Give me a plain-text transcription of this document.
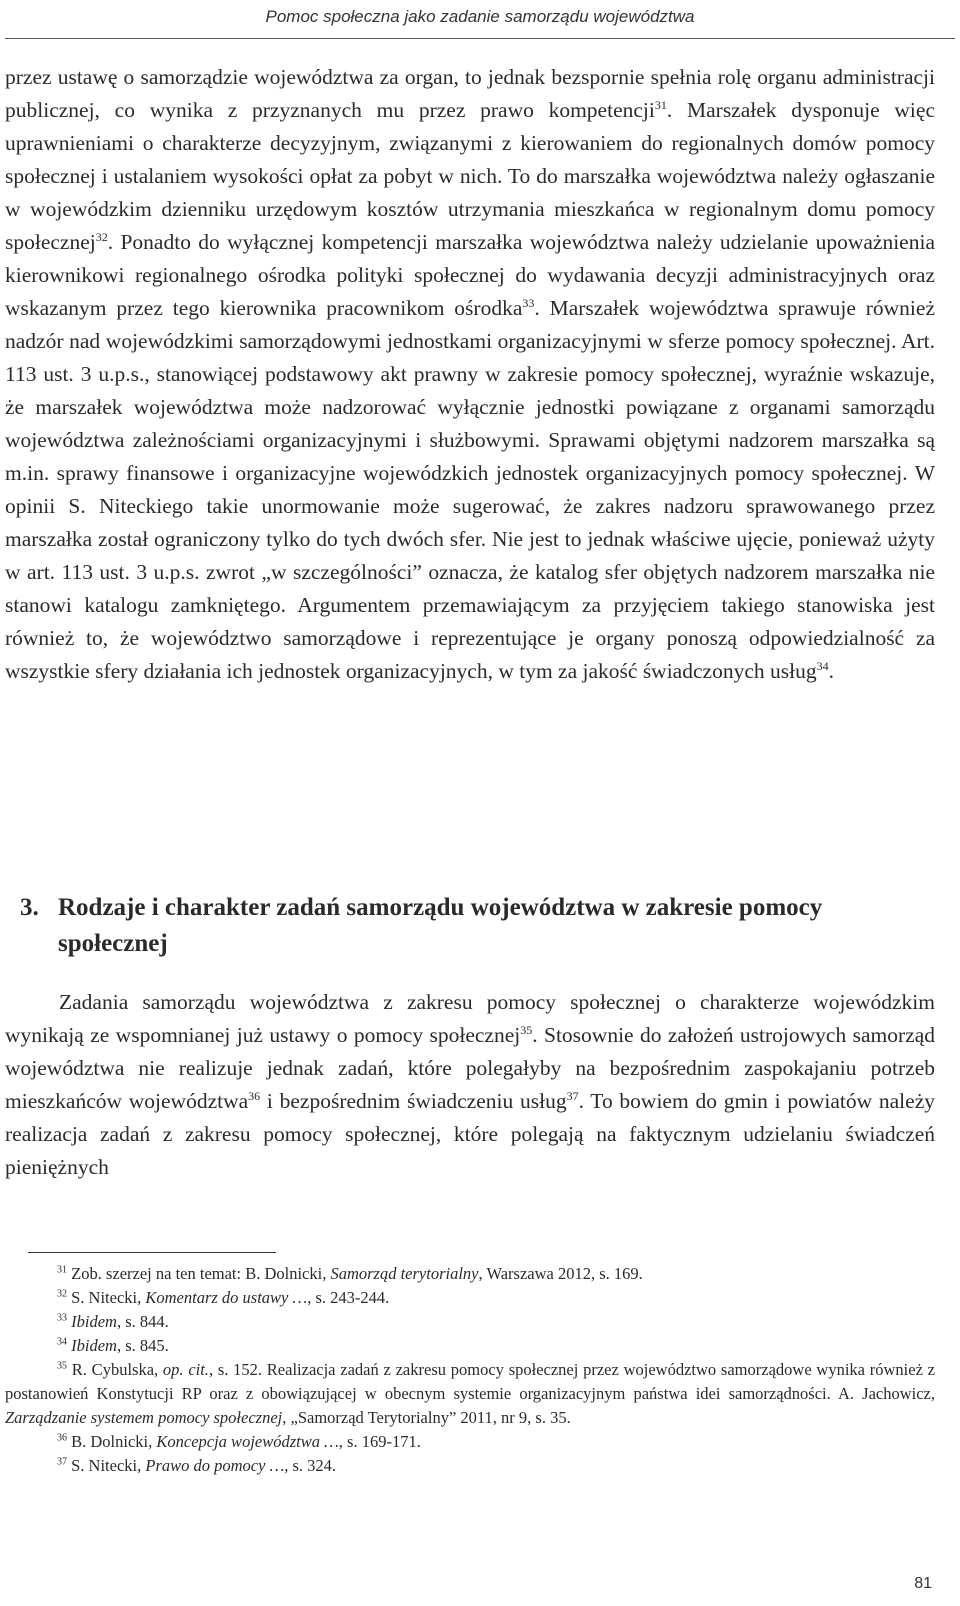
Pomoc społeczna jako zadanie samorządu województwa

przez ustawę o samorządzie województwa za organ, to jednak bezspornie spełnia rolę organu administracji publicznej, co wynika z przyznanych mu przez prawo kompetencji$^{31}$. Marszałek dysponuje więc uprawnieniami o charakterze decyzyjnym, związanymi z kierowaniem do regionalnych domów pomocy społecznej i ustalaniem wysokości opłat za pobyt w nich. To do marszałka województwa należy ogłaszanie w wojewódzkim dzienniku urzędowym kosztów utrzymania mieszkańca w regionalnym domu pomocy społecznej$^{32}$. Ponadto do wyłącznej kompetencji marszałka województwa należy udzielanie upoważnienia kierownikowi regionalnego ośrodka polityki społecznej do wydawania decyzji administracyjnych oraz wskazanym przez tego kierownika pracownikom ośrodka$^{33}$. Marszałek województwa sprawuje również nadzór nad wojewódzkimi samorządowymi jednostkami organizacyjnymi w sferze pomocy społecznej. Art. 113 ust. 3 u.p.s., stanowiącej podstawowy akt prawny w zakresie pomocy społecznej, wyraźnie wskazuje, że marszałek województwa może nadzorować wyłącznie jednostki powiązane z organami samorządu województwa zależnościami organizacyjnymi i służbowymi. Sprawami objętymi nadzorem marszałka są m.in. sprawy finansowe i organizacyjne wojewódzkich jednostek organizacyjnych pomocy społecznej. W opinii S. Niteckiego takie unormowanie może sugerować, że zakres nadzoru sprawowanego przez marszałka został ograniczony tylko do tych dwóch sfer. Nie jest to jednak właściwe ujęcie, ponieważ użyty w art. 113 ust. 3 u.p.s. zwrot „w szczególności” oznacza, że katalog sfer objętych nadzorem marszałka nie stanowi katalogu zamkniętego. Argumentem przemawiającym za przyjęciem takiego stanowiska jest również to, że województwo samorządowe i reprezentujące je organy ponoszą odpowiedzialność za wszystkie sfery działania ich jednostek organizacyjnych, w tym za jakość świadczonych usług$^{34}$.

3. Rodzaje i charakter zadań samorządu województwa w zakresie pomocy społecznej

Zadania samorządu województwa z zakresu pomocy społecznej o charakterze wojewódzkim wynikają ze wspomnianej już ustawy o pomocy społecznej$^{35}$. Stosownie do założeń ustrojowych samorząd województwa nie realizuje jednak zadań, które polegałyby na bezpośrednim zaspokajaniu potrzeb mieszkańców województwa$^{36}$ i bezpośrednim świadczeniu usług$^{37}$. To bowiem do gmin i powiatów należy realizacja zadań z zakresu pomocy społecznej, które polegają na faktycznym udzielaniu świadczeń pieniężnych

$^{31}$ Zob. szerzej na ten temat: B. Dolnicki, Samorząd terytorialny, Warszawa 2012, s. 169.

$^{32}$ S. Nitecki, Komentarz do ustawy …, s. 243-244.

$^{33}$ Ibidem, s. 844.

$^{34}$ Ibidem, s. 845.

$^{35}$ R. Cybulska, op. cit., s. 152. Realizacja zadań z zakresu pomocy społecznej przez województwo samorządowe wynika również z postanowień Konstytucji RP oraz z obowiązującej w obecnym systemie organizacyjnym państwa idei samorządności. A. Jachowicz, Zarządzanie systemem pomocy społecznej, „Samorząd Terytorialny” 2011, nr 9, s. 35.

$^{36}$ B. Dolnicki, Koncepcja województwa …, s. 169-171.

$^{37}$ S. Nitecki, Prawo do pomocy …, s. 324.

81
